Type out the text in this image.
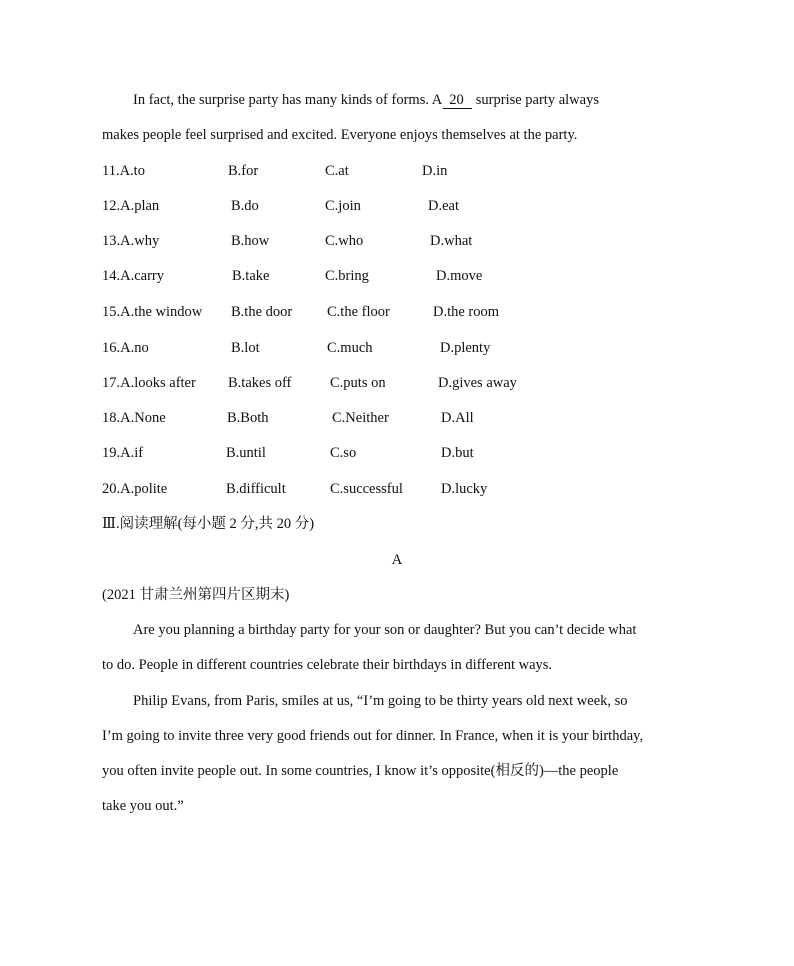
In fact, the surprise party has many kinds of forms. A 20 surprise party always
makes people feel surprised and excited. Everyone enjoys themselves at the party.
11.A.to	B.for	C.at	D.in
12.A.plan	B.do	C.join	D.eat
13.A.why	B.how	C.who	D.what
14.A.carry	B.take	C.bring	D.move
15.A.the window B.the door C.the floor	D.the room
16.A.no	B.lot	C.much	D.plenty
17.A.looks after B.takes off	C.puts on	D.gives away
18.A.None	B.Both	C.Neither	D.All
19.A.if	B.until	C.so	D.but
20.A.polite	B.difficult	C.successful	D.lucky
Ⅲ.阅读理解(每小题 2 分,共 20 分)
A
(2021 甘肃兰州第四片区期末)
Are you planning a birthday party for your son or daughter? But you can’t decide what
to do. People in different countries celebrate their birthdays in different ways.
Philip Evans, from Paris, smiles at us, “I’m going to be thirty years old next week, so
I’m going to invite three very good friends out for dinner. In France, when it is your birthday,
you often invite people out. In some countries, I know it’s opposite(相反的)—the people
take you out.”
